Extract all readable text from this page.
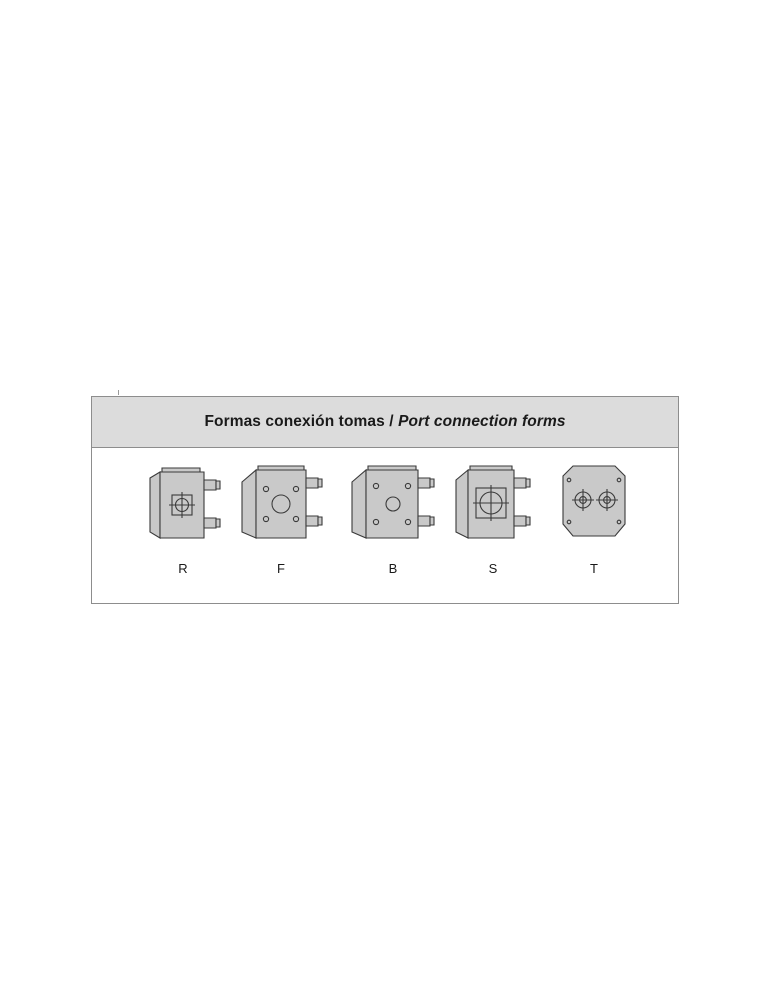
Formas conexión tomas / Port connection forms
R	F	B	S	T
